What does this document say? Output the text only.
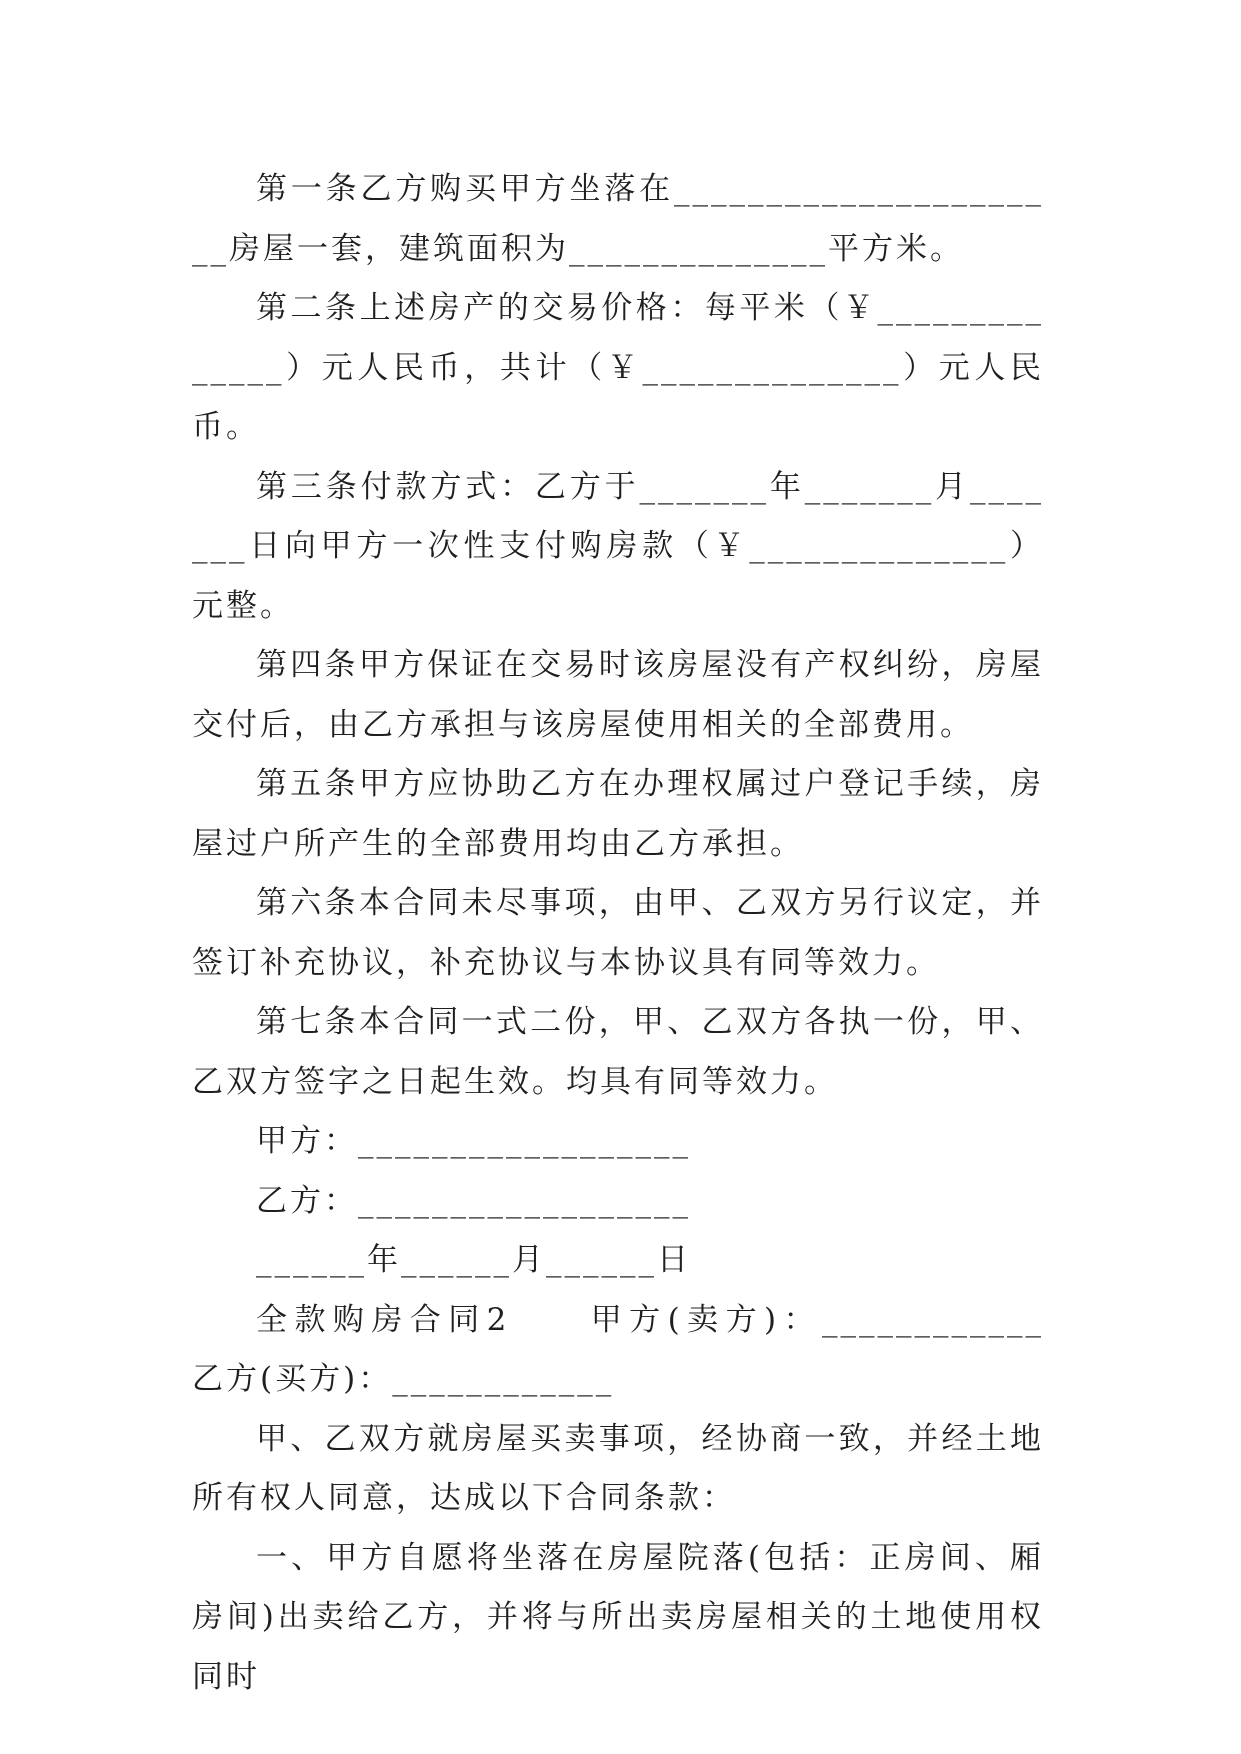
第一条乙方购买甲方坐落在______________________房屋一套，建筑面积为______________平方米。

第二条上述房产的交易价格：每平米（￥______________）元人民币，共计（￥______________）元人民币。

第三条付款方式：乙方于_______年_______月_______日向甲方一次性支付购房款（￥______________）元整。

第四条甲方保证在交易时该房屋没有产权纠纷，房屋交付后，由乙方承担与该房屋使用相关的全部费用。

第五条甲方应协助乙方在办理权属过户登记手续，房屋过户所产生的全部费用均由乙方承担。

第六条本合同未尽事项，由甲、乙双方另行议定，并签订补充协议，补充协议与本协议具有同等效力。

第七条本合同一式二份，甲、乙双方各执一份，甲、乙双方签字之日起生效。均具有同等效力。

甲方：__________________

乙方：__________________

______年______月______日

全款购房合同2　　甲方(卖方)：____________　　　乙方(买方)：____________

甲、乙双方就房屋买卖事项，经协商一致，并经土地所有权人同意，达成以下合同条款：

一、甲方自愿将坐落在房屋院落(包括：正房间、厢房间)出卖给乙方，并将与所出卖房屋相关的土地使用权同时
